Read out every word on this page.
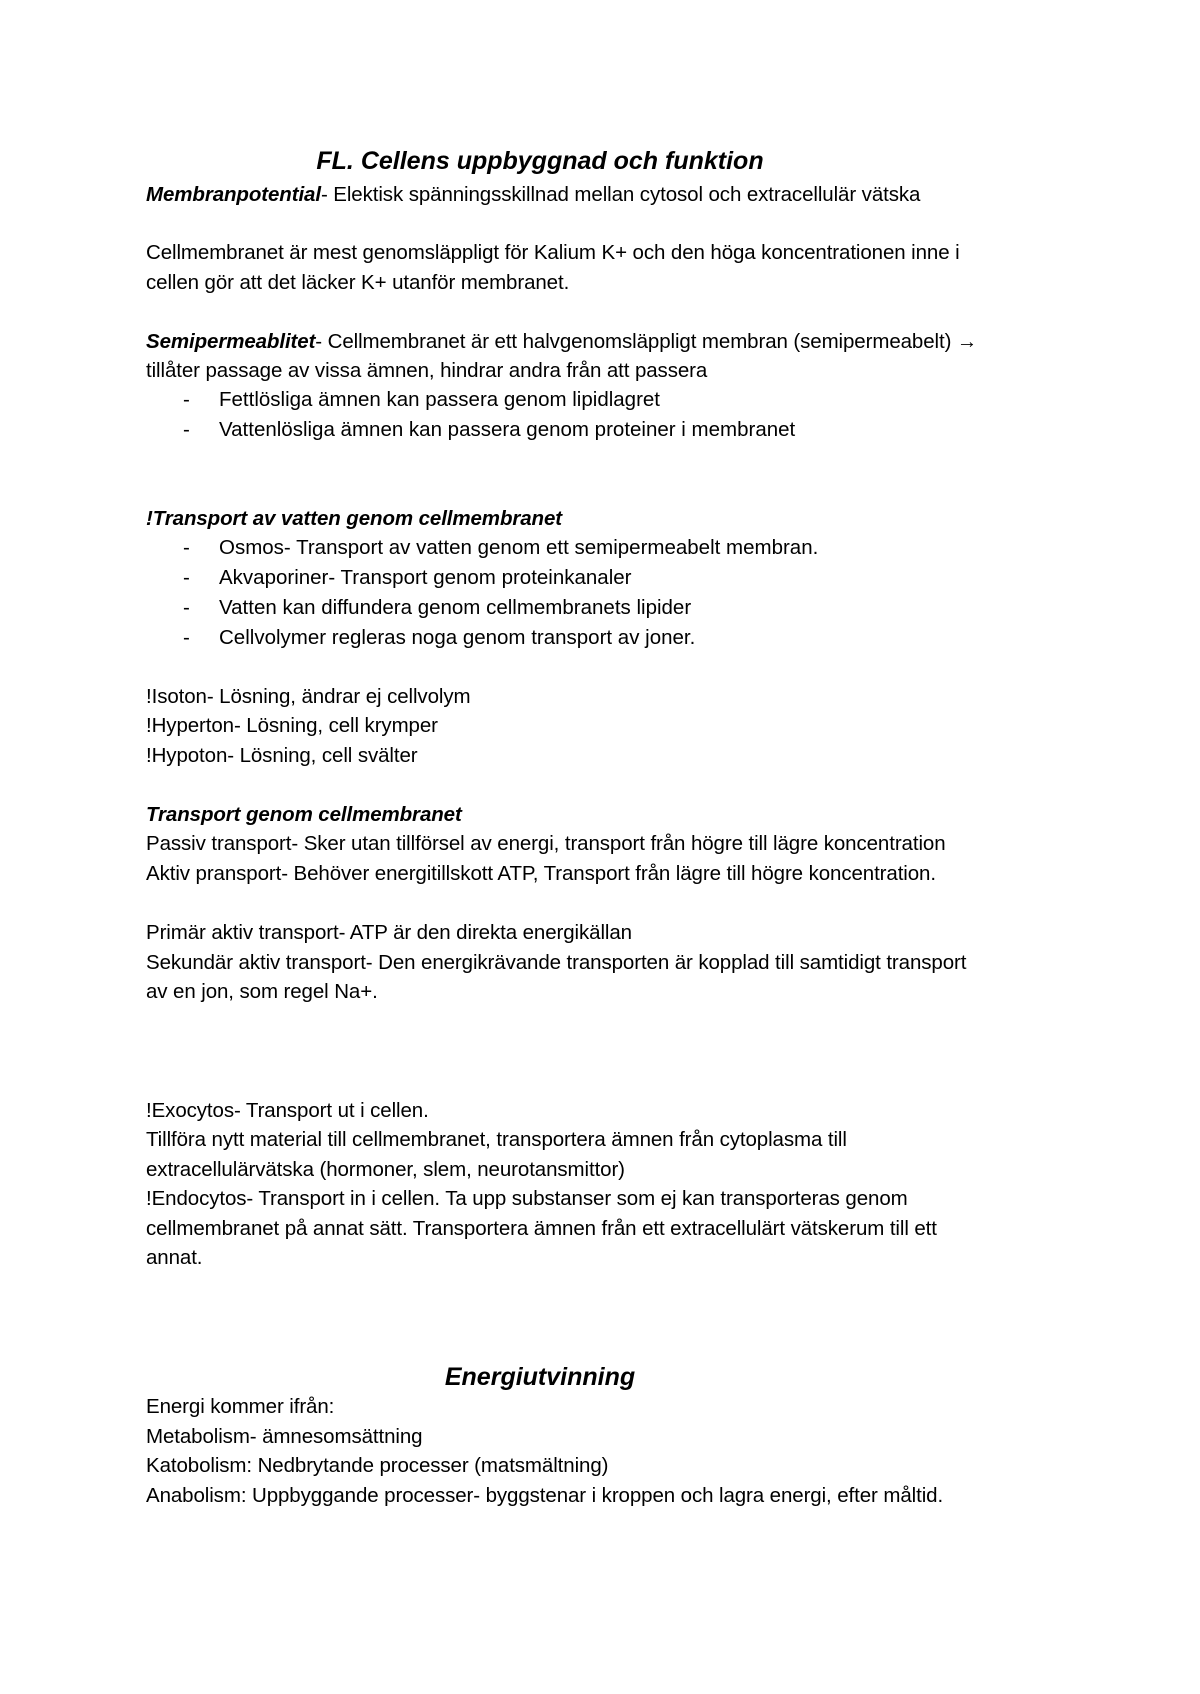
FL. Cellens uppbyggnad och funktion
Membranpotential- Elektisk spänningsskillnad mellan cytosol och extracellulär vätska
Cellmembranet är mest genomsläppligt för Kalium K+ och den höga koncentrationen inne i
cellen gör att det läcker K+ utanför membranet.
Semipermeablitet- Cellmembranet är ett halvgenomsläppligt membran (semipermeabelt) →
tillåter passage av vissa ämnen, hindrar andra från att passera
- Fettlösliga ämnen kan passera genom lipidlagret
- Vattenlösliga ämnen kan passera genom proteiner i membranet
!Transport av vatten genom cellmembranet
- Osmos- Transport av vatten genom ett semipermeabelt membran.
- Akvaporiner- Transport genom proteinkanaler
- Vatten kan diffundera genom cellmembranets lipider
- Cellvolymer regleras noga genom transport av joner.
!Isoton- Lösning, ändrar ej cellvolym
!Hyperton- Lösning, cell krymper
!Hypoton- Lösning, cell svälter
Transport genom cellmembranet
Passiv transport- Sker utan tillförsel av energi, transport från högre till lägre koncentration
Aktiv pransport- Behöver energitillskott ATP, Transport från lägre till högre koncentration.
Primär aktiv transport- ATP är den direkta energikällan
Sekundär aktiv transport- Den energikrävande transporten är kopplad till samtidigt transport
av en jon, som regel Na+.
!Exocytos- Transport ut i cellen.
Tillföra nytt material till cellmembranet, transportera ämnen från cytoplasma till
extracellulärvätska (hormoner, slem, neurotansmittor)
!Endocytos- Transport in i cellen. Ta upp substanser som ej kan transporteras genom
cellmembranet på annat sätt. Transportera ämnen från ett extracellulärt vätskerum till ett
annat.
Energiutvinning
Energi kommer ifrån:
Metabolism- ämnesomsättning
Katobolism: Nedbrytande processer (matsmältning)
Anabolism: Uppbyggande processer- byggstenar i kroppen och lagra energi, efter måltid.
